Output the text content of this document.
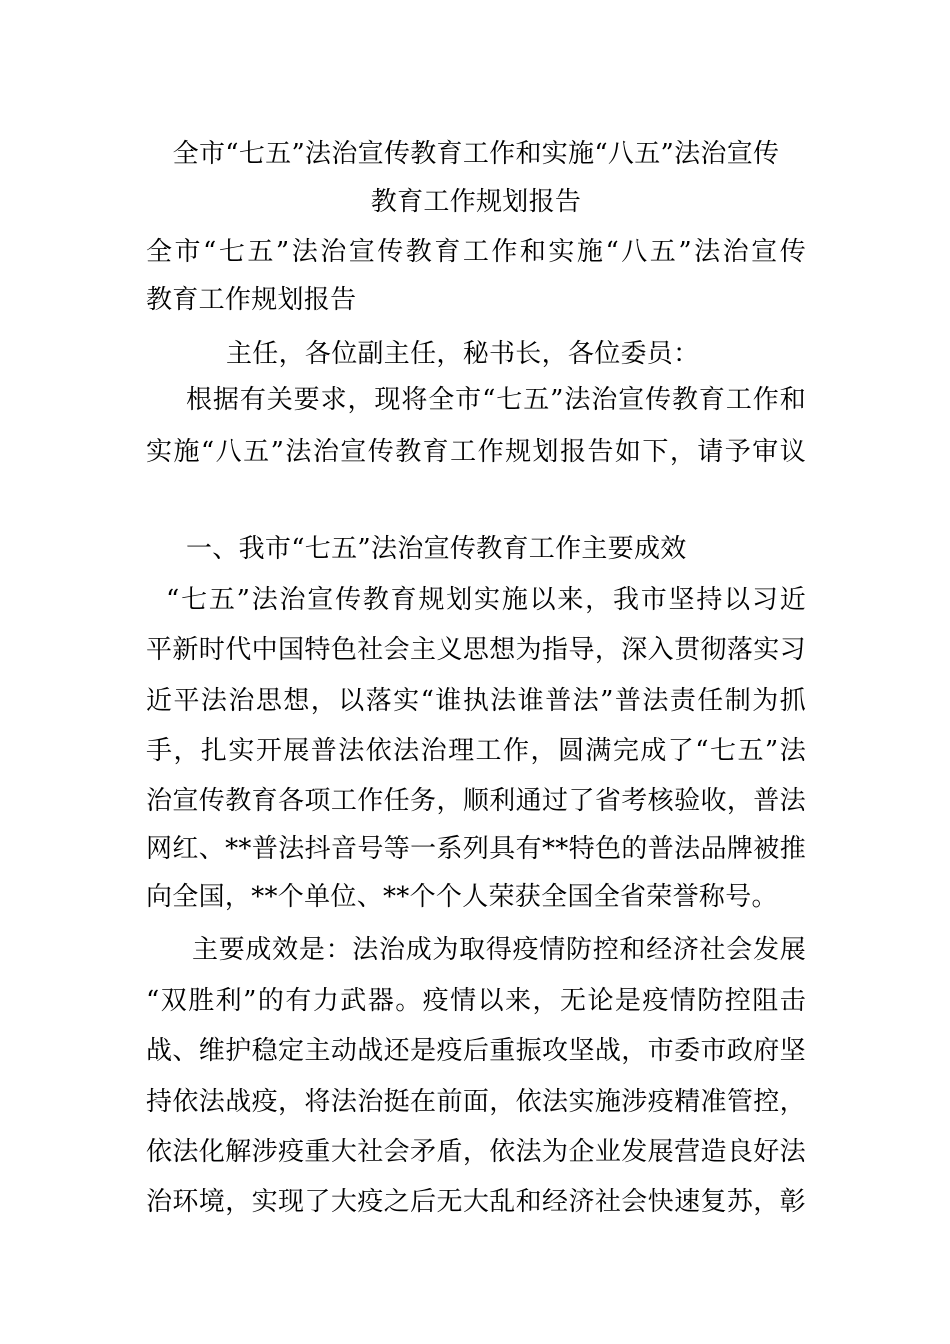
全市“七五”法治宣传教育工作和实施“八五”法治宣传
教育工作规划报告
全市“七五”法治宣传教育工作和实施“八五”法治宣传
教育工作规划报告
主任，各位副主任，秘书长，各位委员：
根据有关要求，现将全市“七五”法治宣传教育工作和
实施“八五”法治宣传教育工作规划报告如下，请予审议
一、我市“七五”法治宣传教育工作主要成效
“七五”法治宣传教育规划实施以来，我市坚持以习近
平新时代中国特色社会主义思想为指导，深入贯彻落实习
近平法治思想，以落实“谁执法谁普法”普法责任制为抓
手，扎实开展普法依法治理工作，圆满完成了“七五”法
治宣传教育各项工作任务，顺利通过了省考核验收，普法
网红、**普法抖音号等一系列具有**特色的普法品牌被推
向全国，**个单位、**个个人荣获全国全省荣誉称号。
主要成效是：法治成为取得疫情防控和经济社会发展
“双胜利”的有力武器。疫情以来，无论是疫情防控阻击
战、维护稳定主动战还是疫后重振攻坚战，市委市政府坚
持依法战疫，将法治挺在前面，依法实施涉疫精准管控，
依法化解涉疫重大社会矛盾，依法为企业发展营造良好法
治环境，实现了大疫之后无大乱和经济社会快速复苏，彰
